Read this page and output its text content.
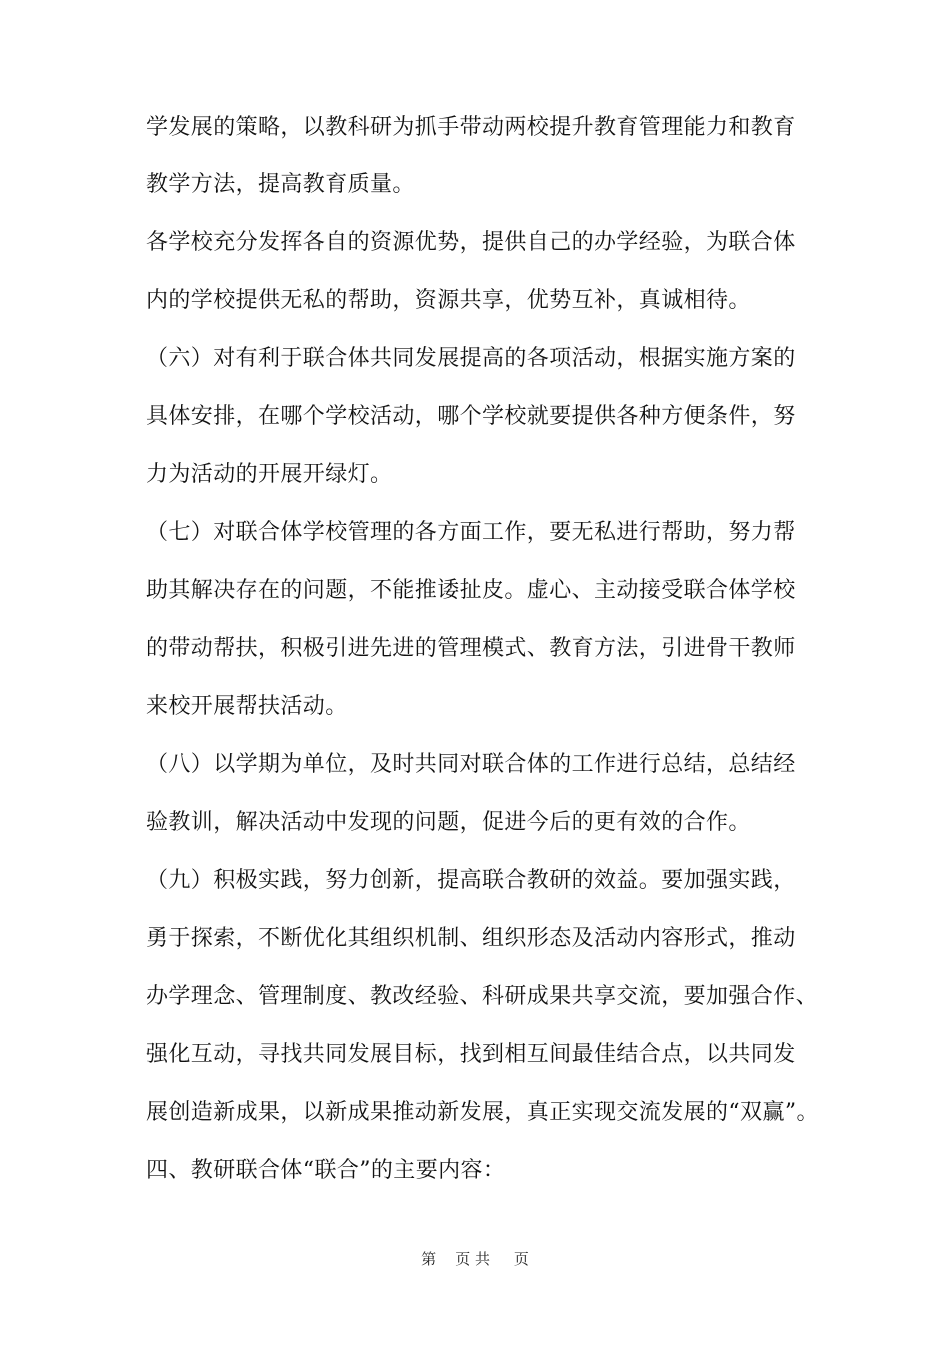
学发展的策略，以教科研为抓手带动两校提升教育管理能力和教育
教学方法，提高教育质量。
各学校充分发挥各自的资源优势，提供自己的办学经验，为联合体
内的学校提供无私的帮助，资源共享，优势互补，真诚相待。
（六）对有利于联合体共同发展提高的各项活动，根据实施方案的
具体安排，在哪个学校活动，哪个学校就要提供各种方便条件，努
力为活动的开展开绿灯。
（七）对联合体学校管理的各方面工作，要无私进行帮助，努力帮
助其解决存在的问题，不能推诿扯皮。虚心、主动接受联合体学校
的带动帮扶，积极引进先进的管理模式、教育方法，引进骨干教师
来校开展帮扶活动。
（八）以学期为单位，及时共同对联合体的工作进行总结，总结经
验教训，解决活动中发现的问题，促进今后的更有效的合作。
（九）积极实践，努力创新，提高联合教研的效益。要加强实践，
勇于探索，不断优化其组织机制、组织形态及活动内容形式，推动
办学理念、管理制度、教改经验、科研成果共享交流，要加强合作、
强化互动，寻找共同发展目标，找到相互间最佳结合点，以共同发
展创造新成果，以新成果推动新发展，真正实现交流发展的“双赢”。
四、教研联合体“联合”的主要内容：
第    页 共     页
